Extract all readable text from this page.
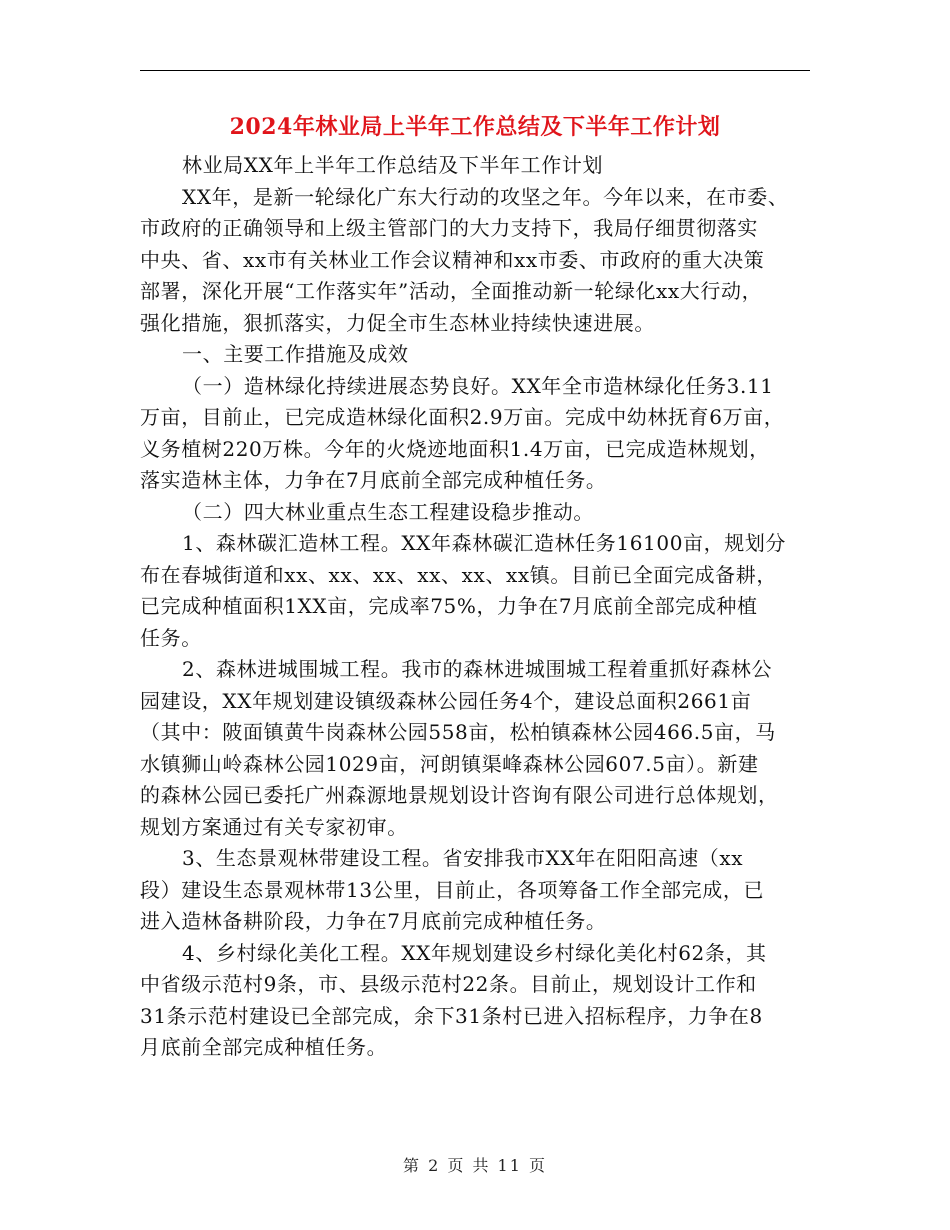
2024年林业局上半年工作总结及下半年工作计划

林业局XX年上半年工作总结及下半年工作计划

XX年，是新一轮绿化广东大行动的攻坚之年。今年以来，在市委、
市政府的正确领导和上级主管部门的大力支持下，我局仔细贯彻落实
中央、省、xx市有关林业工作会议精神和xx市委、市政府的重大决策
部署，深化开展“工作落实年”活动，全面推动新一轮绿化xx大行动，
强化措施，狠抓落实，力促全市生态林业持续快速进展。

一、主要工作措施及成效

（一）造林绿化持续进展态势良好。XX年全市造林绿化任务3.11
万亩，目前止，已完成造林绿化面积2.9万亩。完成中幼林抚育6万亩，
义务植树220万株。今年的火烧迹地面积1.4万亩，已完成造林规划，
落实造林主体，力争在7月底前全部完成种植任务。

（二）四大林业重点生态工程建设稳步推动。

1、森林碳汇造林工程。XX年森林碳汇造林任务16100亩，规划分
布在春城街道和xx、xx、xx、xx、xx、xx镇。目前已全面完成备耕，
已完成种植面积1XX亩，完成率75%，力争在7月底前全部完成种植
任务。

2、森林进城围城工程。我市的森林进城围城工程着重抓好森林公
园建设，XX年规划建设镇级森林公园任务4个，建设总面积2661亩
（其中：陂面镇黄牛岗森林公园558亩，松柏镇森林公园466.5亩，马
水镇狮山岭森林公园1029亩，河朗镇渠峰森林公园607.5亩）。新建
的森林公园已委托广州森源地景规划设计咨询有限公司进行总体规划，
规划方案通过有关专家初审。

3、生态景观林带建设工程。省安排我市XX年在阳阳高速（xx
段）建设生态景观林带13公里，目前止，各项筹备工作全部完成，已
进入造林备耕阶段，力争在7月底前完成种植任务。

4、乡村绿化美化工程。XX年规划建设乡村绿化美化村62条，其
中省级示范村9条，市、县级示范村22条。目前止，规划设计工作和
31条示范村建设已全部完成，余下31条村已进入招标程序，力争在8
月底前全部完成种植任务。

第 2 页 共 11 页
